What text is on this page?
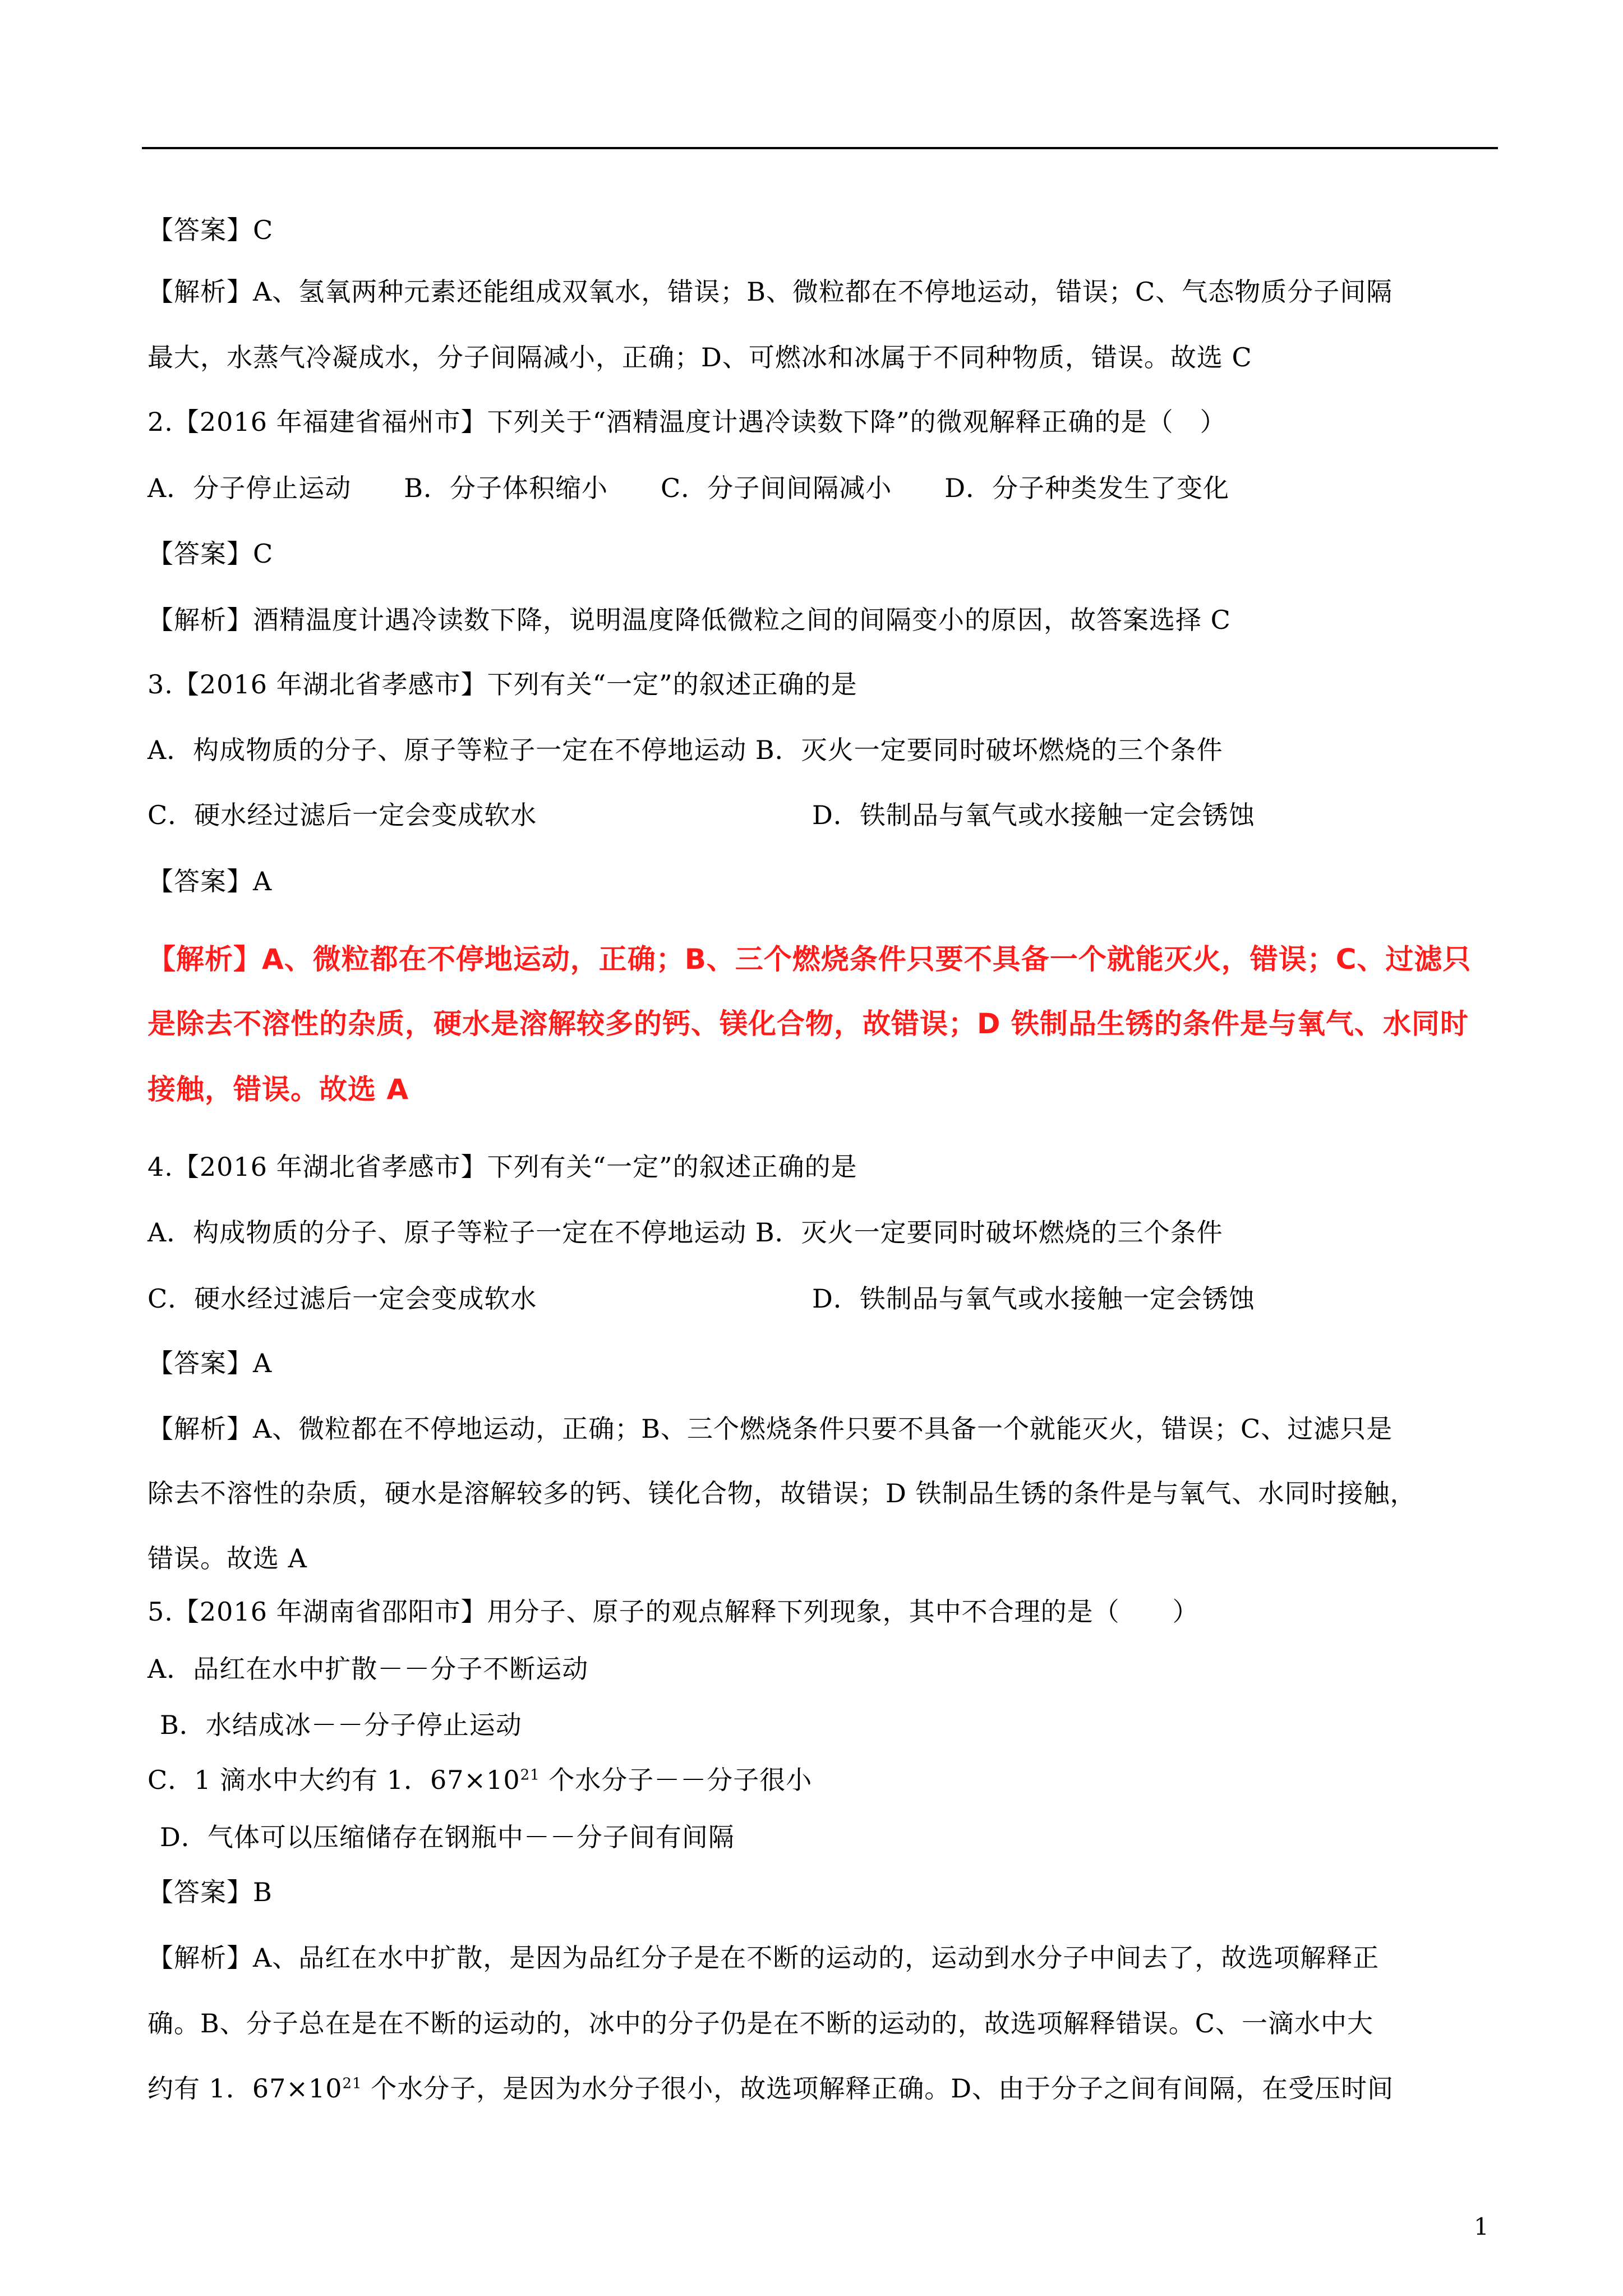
【答案】C
【解析】A、氢氧两种元素还能组成双氧水，错误；B、微粒都在不停地运动，错误；C、气态物质分子间隔
最大，水蒸气冷凝成水，分子间隔减小，正确；D、可燃冰和冰属于不同种物质，错误。故选 C
2.【2016 年福建省福州市】下列关于“酒精温度计遇冷读数下降”的微观解释正确的是（　）
A．分子停止运动　　B．分子体积缩小　　C．分子间间隔减小　　D．分子种类发生了变化
【答案】C
【解析】酒精温度计遇冷读数下降，说明温度降低微粒之间的间隔变小的原因，故答案选择 C
3.【2016 年湖北省孝感市】下列有关“一定”的叙述正确的是
A．构成物质的分子、原子等粒子一定在不停地运动 B．灭火一定要同时破坏燃烧的三个条件
C．硬水经过滤后一定会变成软水	D．铁制品与氧气或水接触一定会锈蚀
【答案】A
【解析】A、微粒都在不停地运动，正确；B、三个燃烧条件只要不具备一个就能灭火，错误；C、过滤只
是除去不溶性的杂质，硬水是溶解较多的钙、镁化合物，故错误；D 铁制品生锈的条件是与氧气、水同时
接触，错误。故选 A
4.【2016 年湖北省孝感市】下列有关“一定”的叙述正确的是
A．构成物质的分子、原子等粒子一定在不停地运动 B．灭火一定要同时破坏燃烧的三个条件
C．硬水经过滤后一定会变成软水	D．铁制品与氧气或水接触一定会锈蚀
【答案】A
【解析】A、微粒都在不停地运动，正确；B、三个燃烧条件只要不具备一个就能灭火，错误；C、过滤只是
除去不溶性的杂质，硬水是溶解较多的钙、镁化合物，故错误；D 铁制品生锈的条件是与氧气、水同时接触，
错误。故选 A
5.【2016 年湖南省邵阳市】用分子、原子的观点解释下列现象，其中不合理的是（　　）
A．品红在水中扩散－－分子不断运动
B．水结成冰－－分子停止运动
C．1 滴水中大约有 1．$67\times 10^{21}$ 个水分子－－分子很小
D．气体可以压缩储存在钢瓶中－－分子间有间隔
【答案】B
【解析】A、品红在水中扩散，是因为品红分子是在不断的运动的，运动到水分子中间去了，故选项解释正
确。B、分子总在是在不断的运动的，冰中的分子仍是在不断的运动的，故选项解释错误。C、一滴水中大
约有 1．$67\times 10^{21}$ 个水分子，是因为水分子很小，故选项解释正确。D、由于分子之间有间隔，在受压时间
1
